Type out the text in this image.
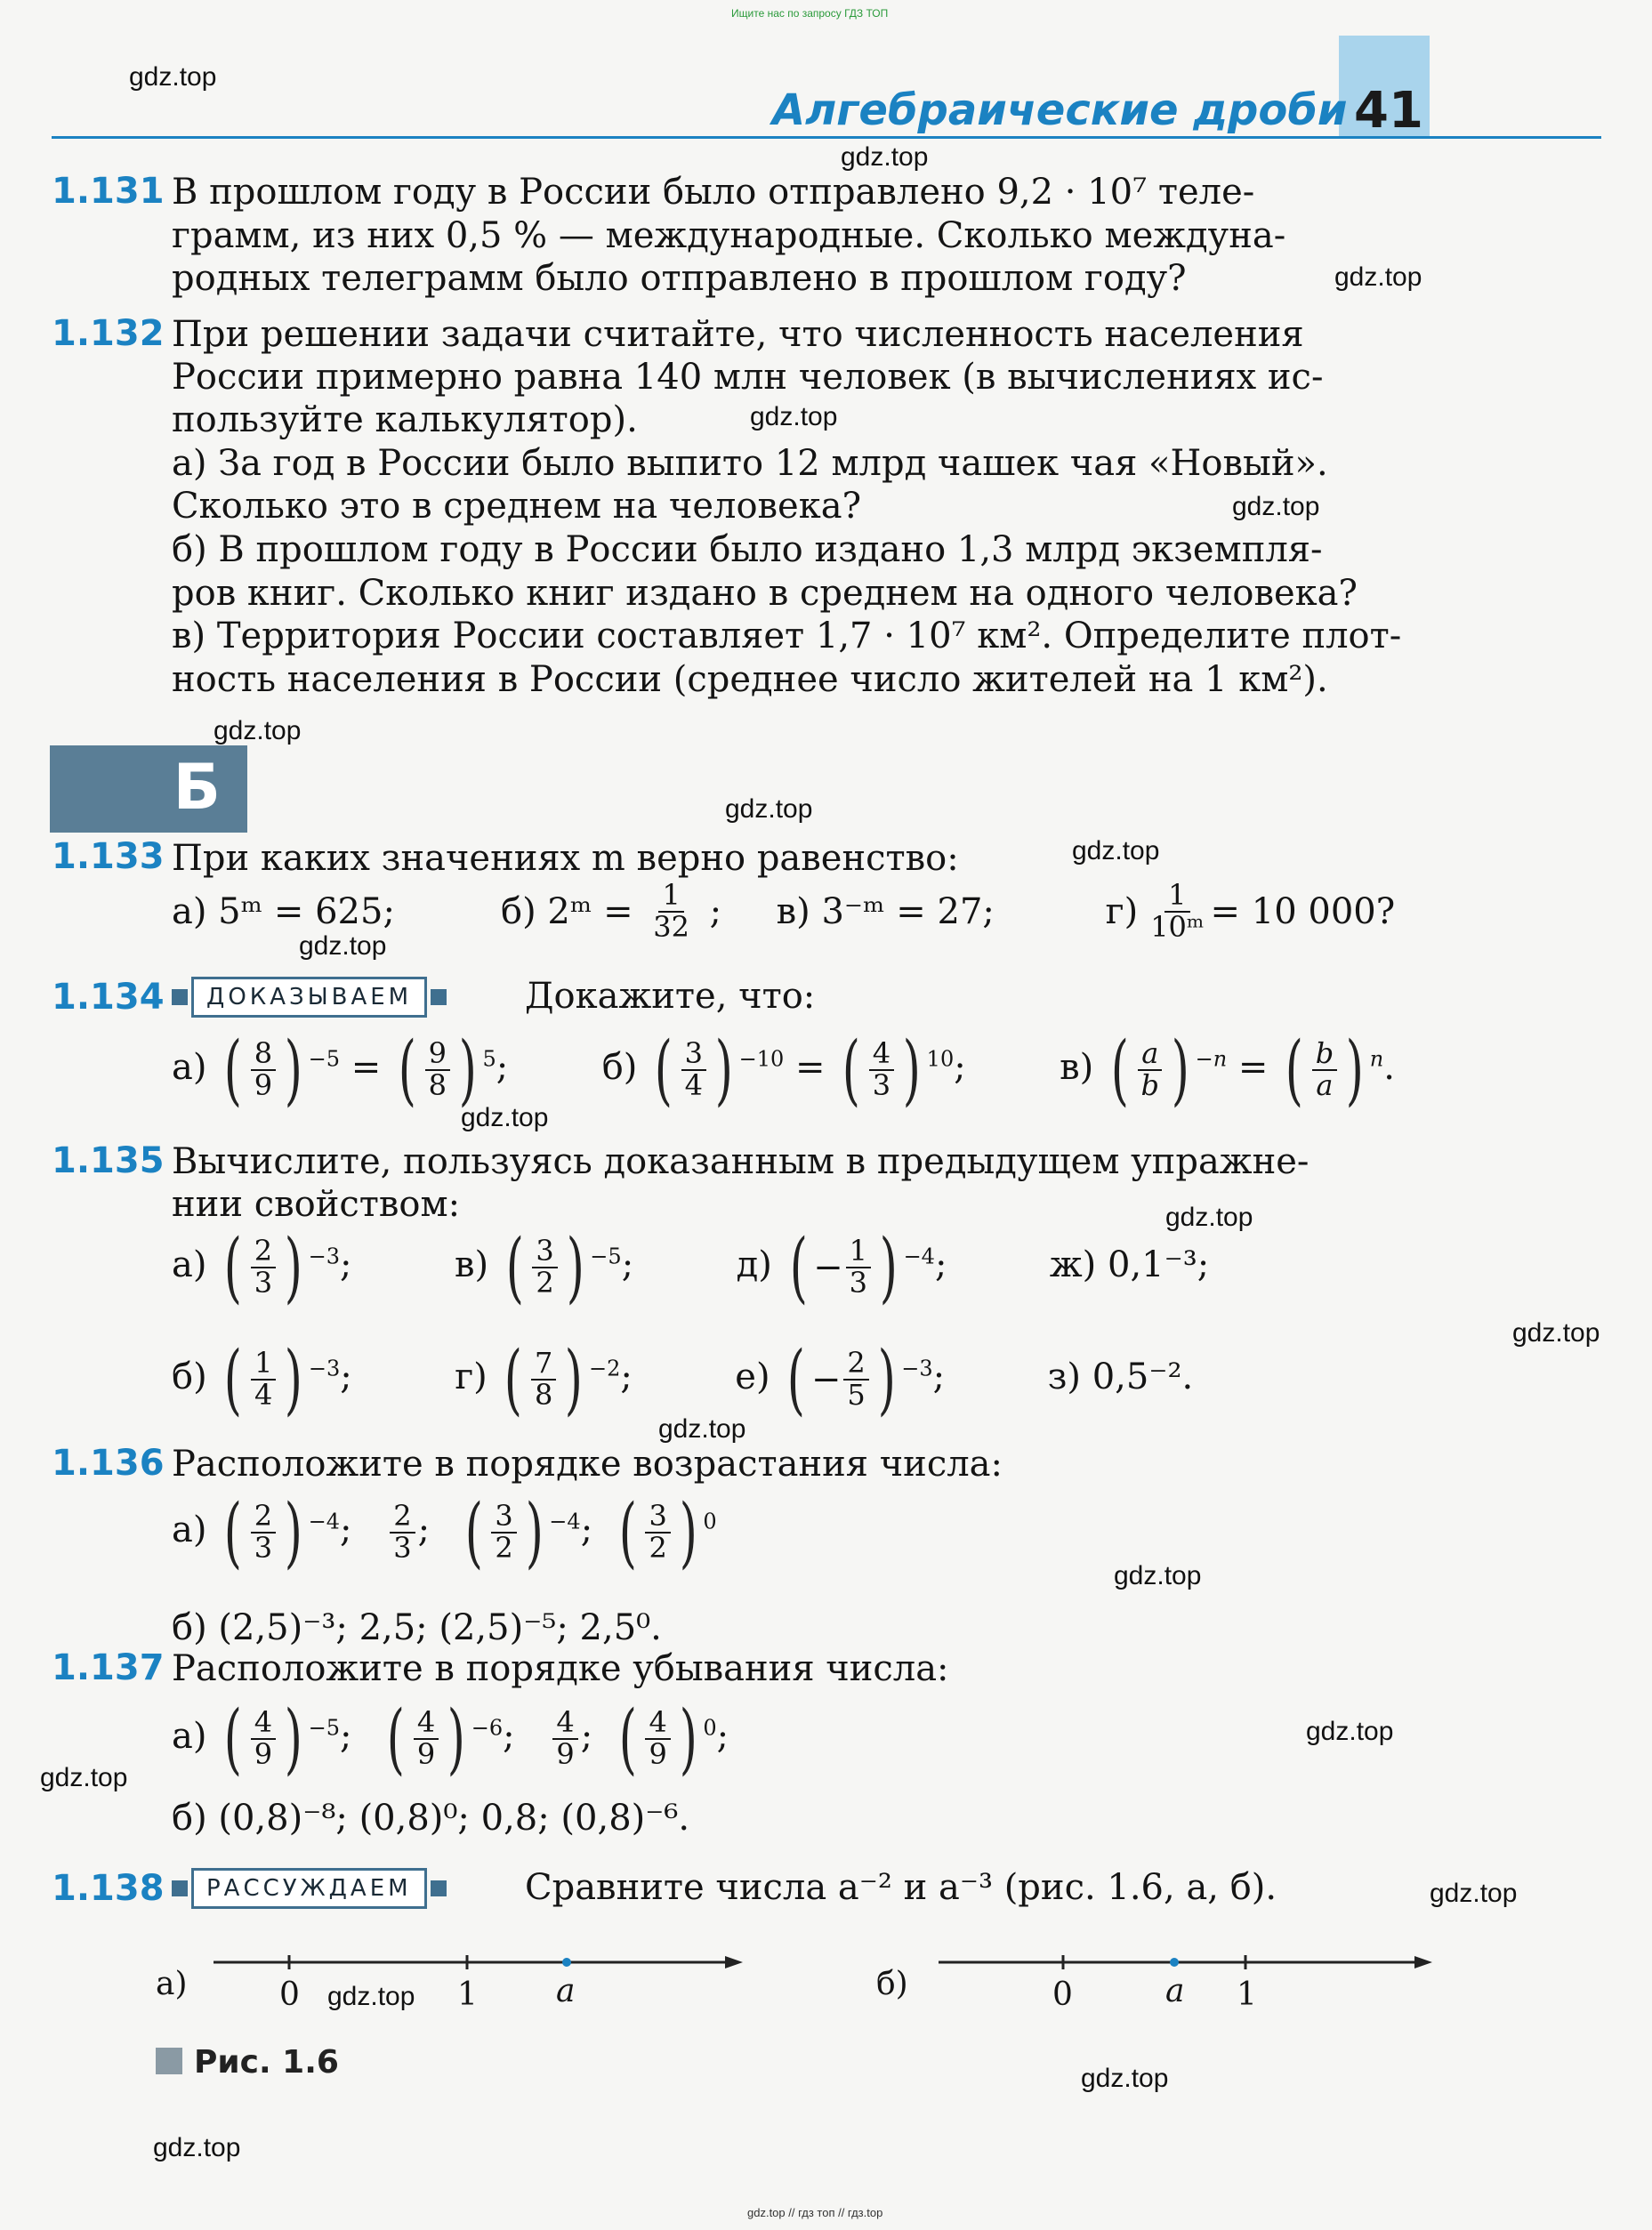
Ищите нас по запросу ГДЗ ТОП
gdz.top
gdz.top
gdz.top
gdz.top
gdz.top
gdz.top
gdz.top
gdz.top
gdz.top
gdz.top
gdz.top
gdz.top
gdz.top
gdz.top
gdz.top
gdz.top
gdz.top
gdz.top
gdz.top
gdz.top
gdz.top // гдз топ // гдз.top
Алгебраические дроби 41
1.131 В прошлом году в России было отправлено 9,2 · 10⁷ теле-
грамм, из них 0,5 % — международные. Сколько междуна-
родных телеграмм было отправлено в прошлом году?
1.132 При решении задачи считайте, что численность населения
России примерно равна 140 млн человек (в вычислениях ис-
пользуйте калькулятор).
а) За год в России было выпито 12 млрд чашек чая «Новый».
Сколько это в среднем на человека?
б) В прошлом году в России было издано 1,3 млрд экземпля-
ров книг. Сколько книг издано в среднем на одного человека?
в) Территория России составляет 1,7 · 10⁷ км². Определите плот-
ность населения в России (среднее число жителей на 1 км²).
Б
1.133 При каких значениях m верно равенство:
а) 5ᵐ = 625;	б) 2ᵐ = $\frac{1}{32}$ ; в) 3⁻ᵐ = 27;	$г) \frac{1}{\text{10ᵐ}} = 10$ 000?
1.134	ДОКАЗЫВАЕМ	Докажите, что:
а) ( $\frac{8}{9}$ ) $^{-5}$ = ( $\frac{9}{8}$ ) $^5$;  б) ( $\frac{3}{4}$ ) $^{-10}$ = ( $\frac{4}{3}$ ) $^{10}$;  в) ( $\frac{a}{b}$ ) $^{-n}$ = ( $\frac{b}{a}$ ) $^n$.
1.135 Вычислите, пользуясь доказанным в предыдущем упражне-
нии свойством:
а) ( $\frac{2}{3}$ ) $^{-3}$;	в) ( $\frac{3}{2}$ ) $^{-5}$;	д) ( − $\frac{1}{3}$ ) $^{-4}$;	ж) 0,1⁻³;
б) ( $\frac{1}{4}$ ) $^{-3}$;	г) ( $\frac{7}{8}$ ) $^{-2}$;	е) ( − $\frac{2}{5}$ ) $^{-3}$;	з) 0,5⁻².
1.136 Расположите в порядке возрастания числа:
а) ( $\frac{2}{3}$ ) $^{-4}$; $\frac{2}{3}$ ; ( $\frac{3}{2}$ ) $^{-4}$; ( $\frac{3}{2}$ ) $^0$
б) (2,5)⁻³; 2,5; (2,5)⁻⁵; 2,5⁰.
1.137 Расположите в порядке убывания числа:
а) ( $\frac{4}{9}$ ) $^{-5}$; ( $\frac{4}{9}$ ) $^{-6}$; $\frac{4}{9}$ ; ( $\frac{4}{9}$ ) $^0$;
б) (0,8)⁻⁸; (0,8)⁰; 0,8; (0,8)⁻⁶.
1.138	РАССУЖДАЕМ	Сравните числа a⁻² и a⁻³ (рис. 1.6, а, б).
а)	б)
0	1 a	0	a 1
Рис. 1.6
